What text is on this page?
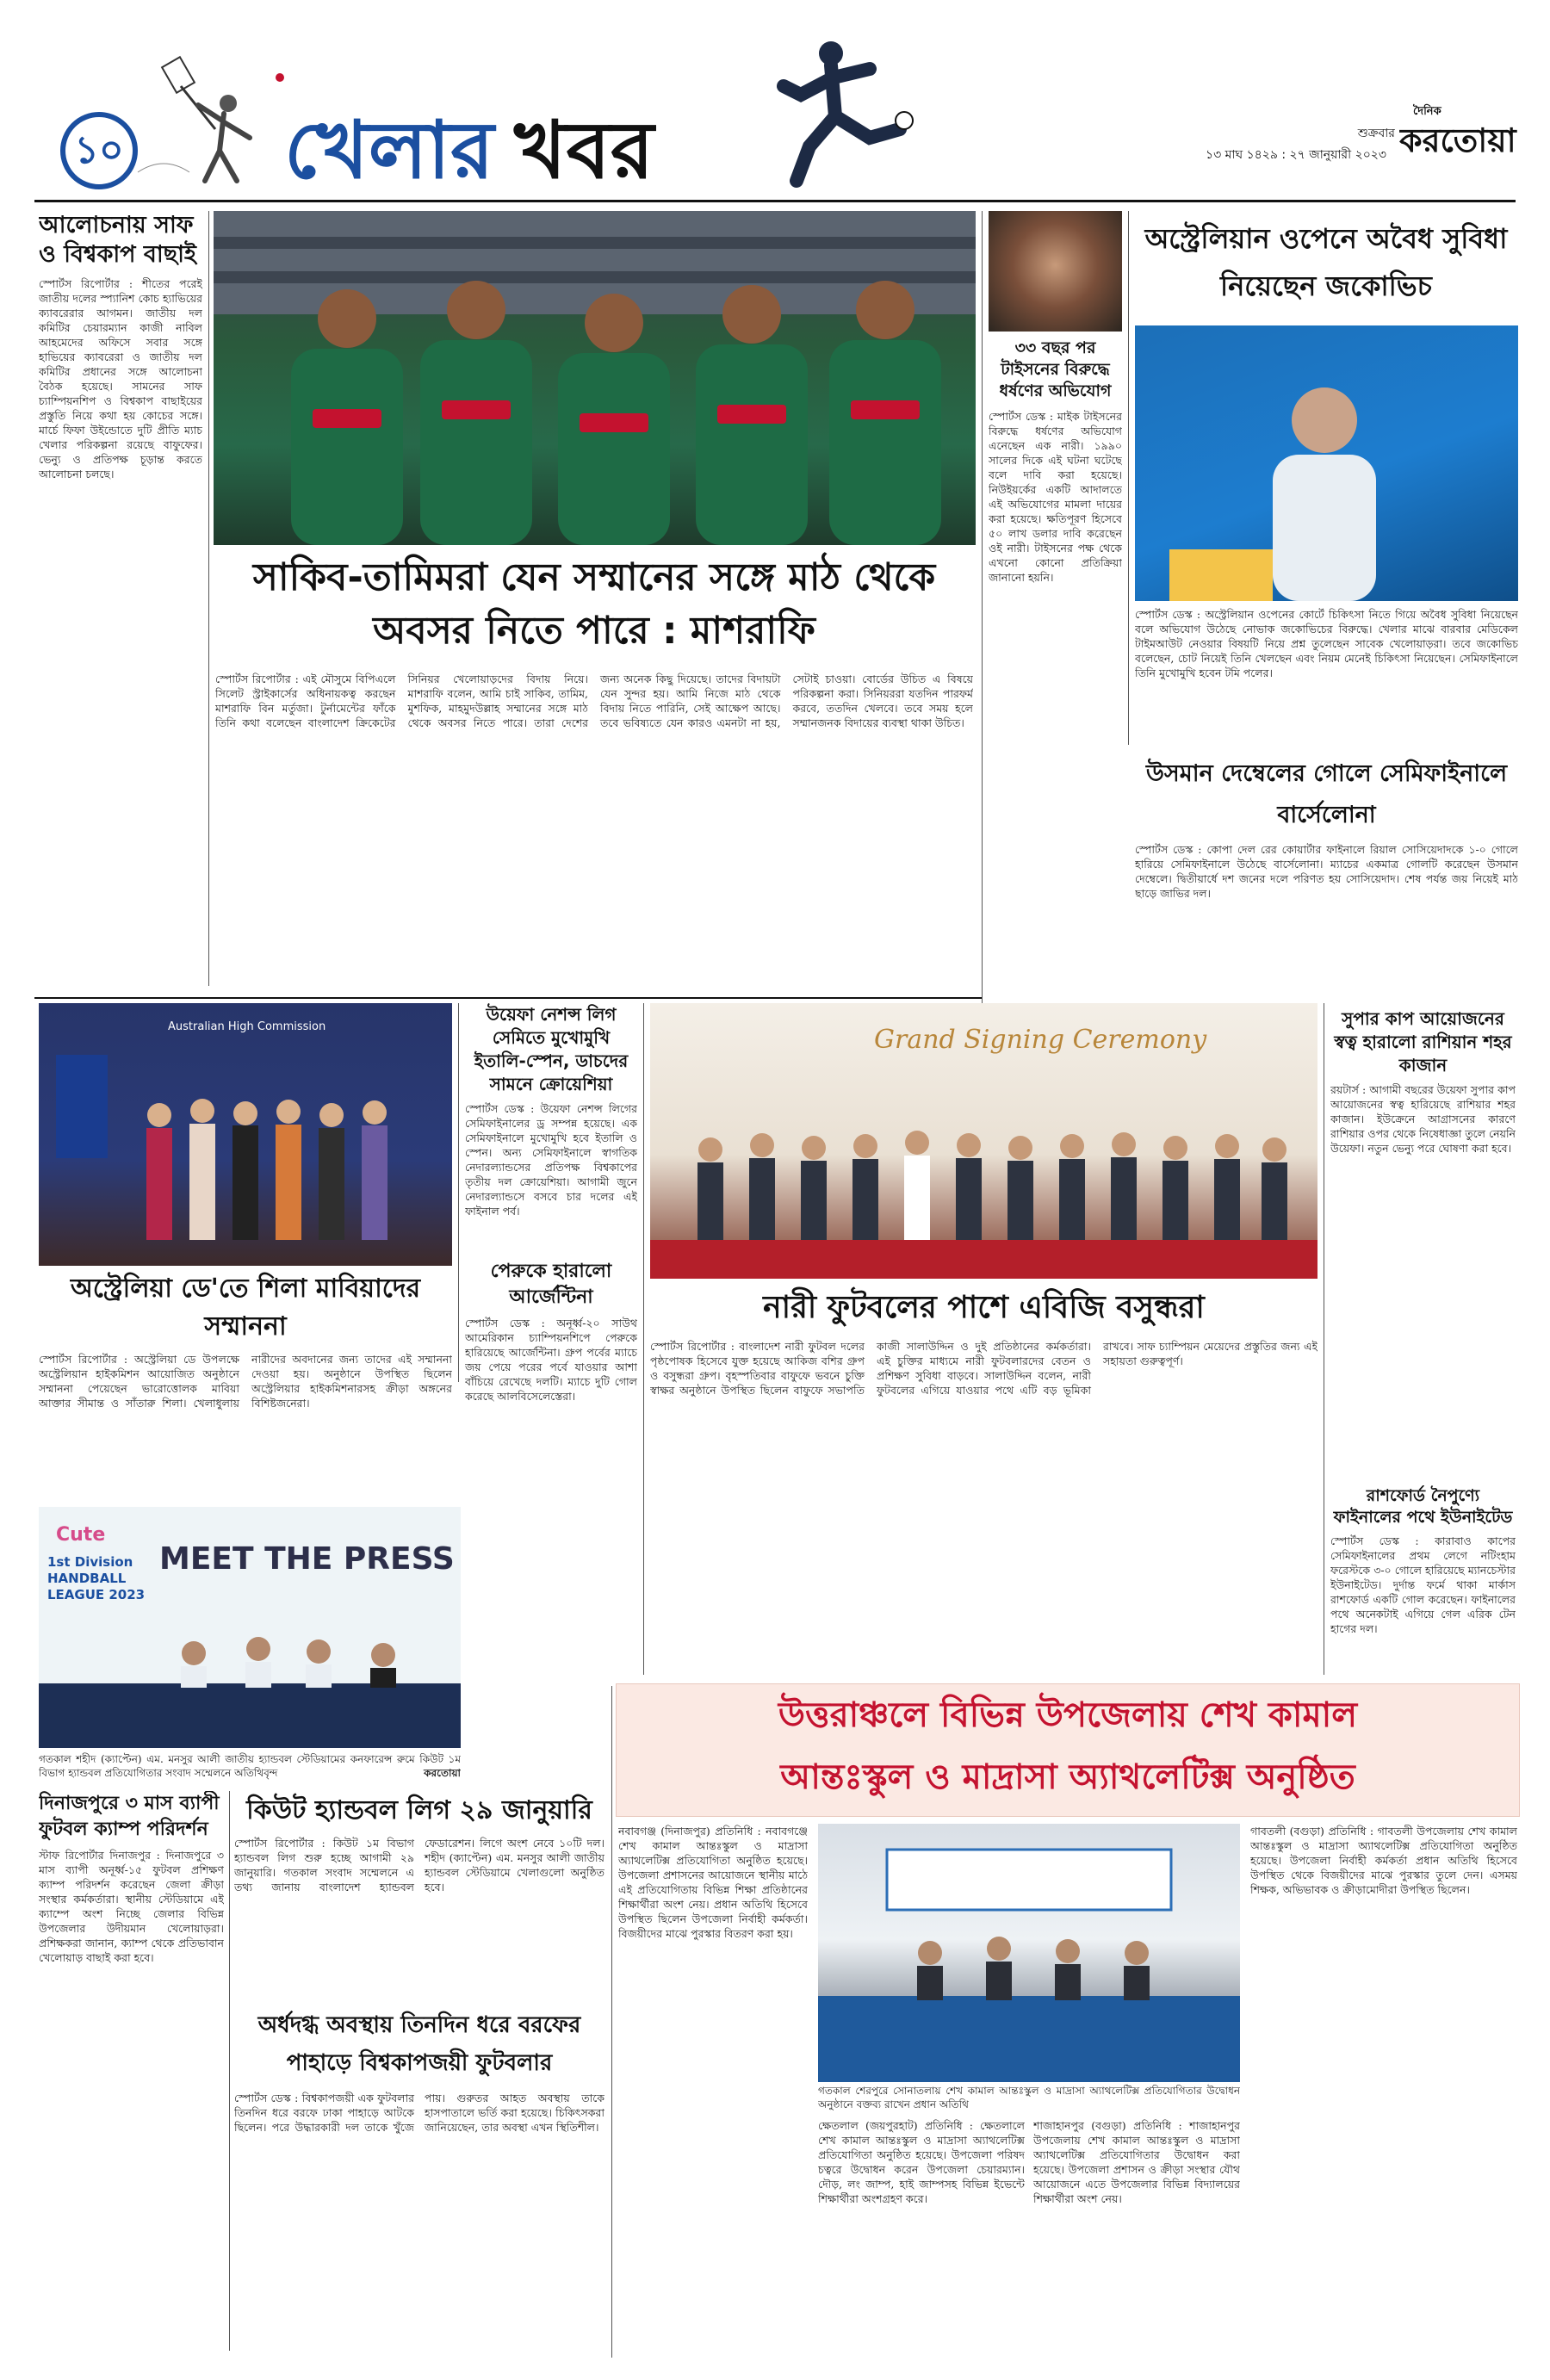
১০ খেলার খবর	১৩ মাঘ ১৪২৯ : ২৭ জানুয়ারী ২০২৩
শুক্রবার
দৈনিক
করতোয়া
আলোচনায় সাফ ও বিশ্বকাপ বাছাই
স্পোর্টস রিপোর্টার : শীতের পরেই জাতীয় দলের স্প্যানিশ কোচ হ্যাভিয়ের ক্যাবরেরার আগমন। জাতীয় দল কমিটির চেয়ারম্যান কাজী নাবিল আহমেদের অফিসে সবার সঙ্গে হাভিয়ের ক্যাবরেরা ও জাতীয় দল কমিটির প্রধানের সঙ্গে আলোচনা বৈঠক হয়েছে। সামনের সাফ চ্যাম্পিয়নশিপ ও বিশ্বকাপ বাছাইয়ের প্রস্তুতি নিয়ে কথা হয় কোচের সঙ্গে। মার্চে ফিফা উইন্ডোতে দুটি প্রীতি ম্যাচ খেলার পরিকল্পনা রয়েছে বাফুফের। ভেন্যু ও প্রতিপক্ষ চূড়ান্ত করতে আলোচনা চলছে।
সাকিব-তামিমরা যেন সম্মানের সঙ্গে মাঠ থেকে অবসর নিতে পারে : মাশরাফি
স্পোর্টস রিপোর্টার : এই মৌসুমে বিপিএলে সিলেট স্ট্রাইকার্সের অধিনায়কত্ব করছেন মাশরাফি বিন মর্তুজা। টুর্নামেন্টের ফাঁকে তিনি কথা বলেছেন বাংলাদেশ ক্রিকেটের সিনিয়র খেলোয়াড়দের বিদায় নিয়ে। মাশরাফি বলেন, আমি চাই সাকিব, তামিম, মুশফিক, মাহমুদউল্লাহ সম্মানের সঙ্গে মাঠ থেকে অবসর নিতে পারে। তারা দেশের জন্য অনেক কিছু দিয়েছে। তাদের বিদায়টা যেন সুন্দর হয়। আমি নিজে মাঠ থেকে বিদায় নিতে পারিনি, সেই আক্ষেপ আছে। তবে ভবিষ্যতে যেন কারও এমনটা না হয়, সেটাই চাওয়া। বোর্ডের উচিত এ বিষয়ে পরিকল্পনা করা। সিনিয়ররা যতদিন পারফর্ম করবে, ততদিন খেলবে। তবে সময় হলে সম্মানজনক বিদায়ের ব্যবস্থা থাকা উচিত।
৩৩ বছর পর টাইসনের বিরুদ্ধে ধর্ষণের অভিযোগ
স্পোর্টস ডেস্ক : মাইক টাইসনের বিরুদ্ধে ধর্ষণের অভিযোগ এনেছেন এক নারী। ১৯৯০ সালের দিকে এই ঘটনা ঘটেছে বলে দাবি করা হয়েছে। নিউইয়র্কের একটি আদালতে এই অভিযোগের মামলা দায়ের করা হয়েছে। ক্ষতিপূরণ হিসেবে ৫০ লাখ ডলার দাবি করেছেন ওই নারী। টাইসনের পক্ষ থেকে এখনো কোনো প্রতিক্রিয়া জানানো হয়নি।
অস্ট্রেলিয়ান ওপেনে অবৈধ সুবিধা নিয়েছেন জকোভিচ
স্পোর্টস ডেস্ক : অস্ট্রেলিয়ান ওপেনের কোর্টে চিকিৎসা নিতে গিয়ে অবৈধ সুবিধা নিয়েছেন বলে অভিযোগ উঠেছে নোভাক জকোভিচের বিরুদ্ধে। খেলার মাঝে বারবার মেডিকেল টাইমআউট নেওয়ার বিষয়টি নিয়ে প্রশ্ন তুলেছেন সাবেক খেলোয়াড়রা। তবে জকোভিচ বলেছেন, চোট নিয়েই তিনি খেলছেন এবং নিয়ম মেনেই চিকিৎসা নিয়েছেন। সেমিফাইনালে তিনি মুখোমুখি হবেন টমি পলের।
উসমান দেম্বেলের গোলে সেমিফাইনালে বার্সেলোনা
স্পোর্টস ডেস্ক : কোপা দেল রের কোয়ার্টার ফাইনালে রিয়াল সোসিয়েদাদকে ১-০ গোলে হারিয়ে সেমিফাইনালে উঠেছে বার্সেলোনা। ম্যাচের একমাত্র গোলটি করেছেন উসমান দেম্বেলে। দ্বিতীয়ার্ধে দশ জনের দলে পরিণত হয় সোসিয়েদাদ। শেষ পর্যন্ত জয় নিয়েই মাঠ ছাড়ে জাভির দল।
Australian High Commission
উয়েফা নেশন্স লিগ সেমিতে মুখোমুখি ইতালি-স্পেন, ডাচদের সামনে ক্রোয়েশিয়া
স্পোর্টস ডেস্ক : উয়েফা নেশন্স লিগের সেমিফাইনালের ড্র সম্পন্ন হয়েছে। এক সেমিফাইনালে মুখোমুখি হবে ইতালি ও স্পেন। অন্য সেমিফাইনালে স্বাগতিক নেদারল্যান্ডসের প্রতিপক্ষ বিশ্বকাপের তৃতীয় দল ক্রোয়েশিয়া। আগামী জুনে নেদারল্যান্ডসে বসবে চার দলের এই ফাইনাল পর্ব।
পেরুকে হারালো আর্জেন্টিনা
স্পোর্টস ডেস্ক : অনূর্ধ্ব-২০ সাউথ আমেরিকান চ্যাম্পিয়নশিপে পেরুকে হারিয়েছে আর্জেন্টিনা। গ্রুপ পর্বের ম্যাচে জয় পেয়ে পরের পর্বে যাওয়ার আশা বাঁচিয়ে রেখেছে দলটি। ম্যাচে দুটি গোল করেছে আলবিসেলেস্তেরা।
অস্ট্রেলিয়া ডে'তে শিলা মাবিয়াদের সম্মাননা
স্পোর্টস রিপোর্টার : অস্ট্রেলিয়া ডে উপলক্ষে অস্ট্রেলিয়ান হাইকমিশন আয়োজিত অনুষ্ঠানে সম্মাননা পেয়েছেন ভারোত্তোলক মাবিয়া আক্তার সীমান্ত ও সাঁতারু শিলা। খেলাধুলায় নারীদের অবদানের জন্য তাদের এই সম্মাননা দেওয়া হয়। অনুষ্ঠানে উপস্থিত ছিলেন অস্ট্রেলিয়ার হাইকমিশনারসহ ক্রীড়া অঙ্গনের বিশিষ্টজনেরা।
Grand Signing Ceremony
নারী ফুটবলের পাশে এবিজি বসুন্ধরা
স্পোর্টস রিপোর্টার : বাংলাদেশ নারী ফুটবল দলের পৃষ্ঠপোষক হিসেবে যুক্ত হয়েছে আকিজ বশির গ্রুপ ও বসুন্ধরা গ্রুপ। বৃহস্পতিবার বাফুফে ভবনে চুক্তি স্বাক্ষর অনুষ্ঠানে উপস্থিত ছিলেন বাফুফে সভাপতি কাজী সালাউদ্দিন ও দুই প্রতিষ্ঠানের কর্মকর্তারা। এই চুক্তির মাধ্যমে নারী ফুটবলারদের বেতন ও প্রশিক্ষণ সুবিধা বাড়বে। সালাউদ্দিন বলেন, নারী ফুটবলের এগিয়ে যাওয়ার পথে এটি বড় ভূমিকা রাখবে। সাফ চ্যাম্পিয়ন মেয়েদের প্রস্তুতির জন্য এই সহায়তা গুরুত্বপূর্ণ।
সুপার কাপ আয়োজনের স্বত্ব হারালো রাশিয়ান শহর কাজান
রয়টার্স : আগামী বছরের উয়েফা সুপার কাপ আয়োজনের স্বত্ব হারিয়েছে রাশিয়ার শহর কাজান। ইউক্রেনে আগ্রাসনের কারণে রাশিয়ার ওপর থেকে নিষেধাজ্ঞা তুলে নেয়নি উয়েফা। নতুন ভেন্যু পরে ঘোষণা করা হবে।
রাশফোর্ড নৈপুণ্যে ফাইনালের পথে ইউনাইটেড
স্পোর্টস ডেস্ক : কারাবাও কাপের সেমিফাইনালের প্রথম লেগে নটিংহাম ফরেস্টকে ৩-০ গোলে হারিয়েছে ম্যানচেস্টার ইউনাইটেড। দুর্দান্ত ফর্মে থাকা মার্কাস রাশফোর্ড একটি গোল করেছেন। ফাইনালের পথে অনেকটাই এগিয়ে গেল এরিক টেন হাগের দল।
Cute
1st Division HANDBALL LEAGUE 2023
MEET THE PRESS
গতকাল শহীদ (ক্যাপ্টেন) এম. মনসুর আলী জাতীয় হ্যান্ডবল স্টেডিয়ামের কনফারেন্স রুমে কিউট ১ম বিভাগ হ্যান্ডবল প্রতিযোগিতার সংবাদ সম্মেলনে অতিথিবৃন্দ	করতোয়া
দিনাজপুরে ৩ মাস ব্যাপী ফুটবল ক্যাম্প পরিদর্শন
স্টাফ রিপোর্টার দিনাজপুর : দিনাজপুরে ৩ মাস ব্যাপী অনূর্ধ্ব-১৫ ফুটবল প্রশিক্ষণ ক্যাম্প পরিদর্শন করেছেন জেলা ক্রীড়া সংস্থার কর্মকর্তারা। স্থানীয় স্টেডিয়ামে এই ক্যাম্পে অংশ নিচ্ছে জেলার বিভিন্ন উপজেলার উদীয়মান খেলোয়াড়রা। প্রশিক্ষকরা জানান, ক্যাম্প থেকে প্রতিভাবান খেলোয়াড় বাছাই করা হবে।
কিউট হ্যান্ডবল লিগ ২৯ জানুয়ারি
স্পোর্টস রিপোর্টার : কিউট ১ম বিভাগ হ্যান্ডবল লিগ শুরু হচ্ছে আগামী ২৯ জানুয়ারি। গতকাল সংবাদ সম্মেলনে এ তথ্য জানায় বাংলাদেশ হ্যান্ডবল ফেডারেশন। লিগে অংশ নেবে ১০টি দল। শহীদ (ক্যাপ্টেন) এম. মনসুর আলী জাতীয় হ্যান্ডবল স্টেডিয়ামে খেলাগুলো অনুষ্ঠিত হবে।
অর্ধদগ্ধ অবস্থায় তিনদিন ধরে বরফের পাহাড়ে বিশ্বকাপজয়ী ফুটবলার
স্পোর্টস ডেস্ক : বিশ্বকাপজয়ী এক ফুটবলার তিনদিন ধরে বরফে ঢাকা পাহাড়ে আটকে ছিলেন। পরে উদ্ধারকারী দল তাকে খুঁজে পায়। গুরুতর আহত অবস্থায় তাকে হাসপাতালে ভর্তি করা হয়েছে। চিকিৎসকরা জানিয়েছেন, তার অবস্থা এখন স্থিতিশীল।
উত্তরাঞ্চলে বিভিন্ন উপজেলায় শেখ কামাল
আন্তঃস্কুল ও মাদ্রাসা অ্যাথলেটিক্স অনুষ্ঠিত
নবাবগঞ্জ (দিনাজপুর) প্রতিনিধি : নবাবগঞ্জে শেখ কামাল আন্তঃস্কুল ও মাদ্রাসা অ্যাথলেটিক্স প্রতিযোগিতা অনুষ্ঠিত হয়েছে। উপজেলা প্রশাসনের আয়োজনে স্থানীয় মাঠে এই প্রতিযোগিতায় বিভিন্ন শিক্ষা প্রতিষ্ঠানের শিক্ষার্থীরা অংশ নেয়। প্রধান অতিথি হিসেবে উপস্থিত ছিলেন উপজেলা নির্বাহী কর্মকর্তা। বিজয়ীদের মাঝে পুরস্কার বিতরণ করা হয়।
গতকাল শেরপুরে সোনাতলায় শেখ কামাল আন্তঃস্কুল ও মাদ্রাসা অ্যাথলেটিক্স প্রতিযোগিতার উদ্বোধন অনুষ্ঠানে বক্তব্য রাখেন প্রধান অতিথি
ক্ষেতলাল (জয়পুরহাট) প্রতিনিধি : ক্ষেতলালে শেখ কামাল আন্তঃস্কুল ও মাদ্রাসা অ্যাথলেটিক্স প্রতিযোগিতা অনুষ্ঠিত হয়েছে। উপজেলা পরিষদ চত্বরে উদ্বোধন করেন উপজেলা চেয়ারম্যান। দৌড়, লং জাম্প, হাই জাম্পসহ বিভিন্ন ইভেন্টে শিক্ষার্থীরা অংশগ্রহণ করে।
শাজাহানপুর (বগুড়া) প্রতিনিধি : শাজাহানপুর উপজেলায় শেখ কামাল আন্তঃস্কুল ও মাদ্রাসা অ্যাথলেটিক্স প্রতিযোগিতার উদ্বোধন করা হয়েছে। উপজেলা প্রশাসন ও ক্রীড়া সংস্থার যৌথ আয়োজনে এতে উপজেলার বিভিন্ন বিদ্যালয়ের শিক্ষার্থীরা অংশ নেয়।
গাবতলী (বগুড়া) প্রতিনিধি : গাবতলী উপজেলায় শেখ কামাল আন্তঃস্কুল ও মাদ্রাসা অ্যাথলেটিক্স প্রতিযোগিতা অনুষ্ঠিত হয়েছে। উপজেলা নির্বাহী কর্মকর্তা প্রধান অতিথি হিসেবে উপস্থিত থেকে বিজয়ীদের মাঝে পুরস্কার তুলে দেন। এসময় শিক্ষক, অভিভাবক ও ক্রীড়ামোদীরা উপস্থিত ছিলেন।
